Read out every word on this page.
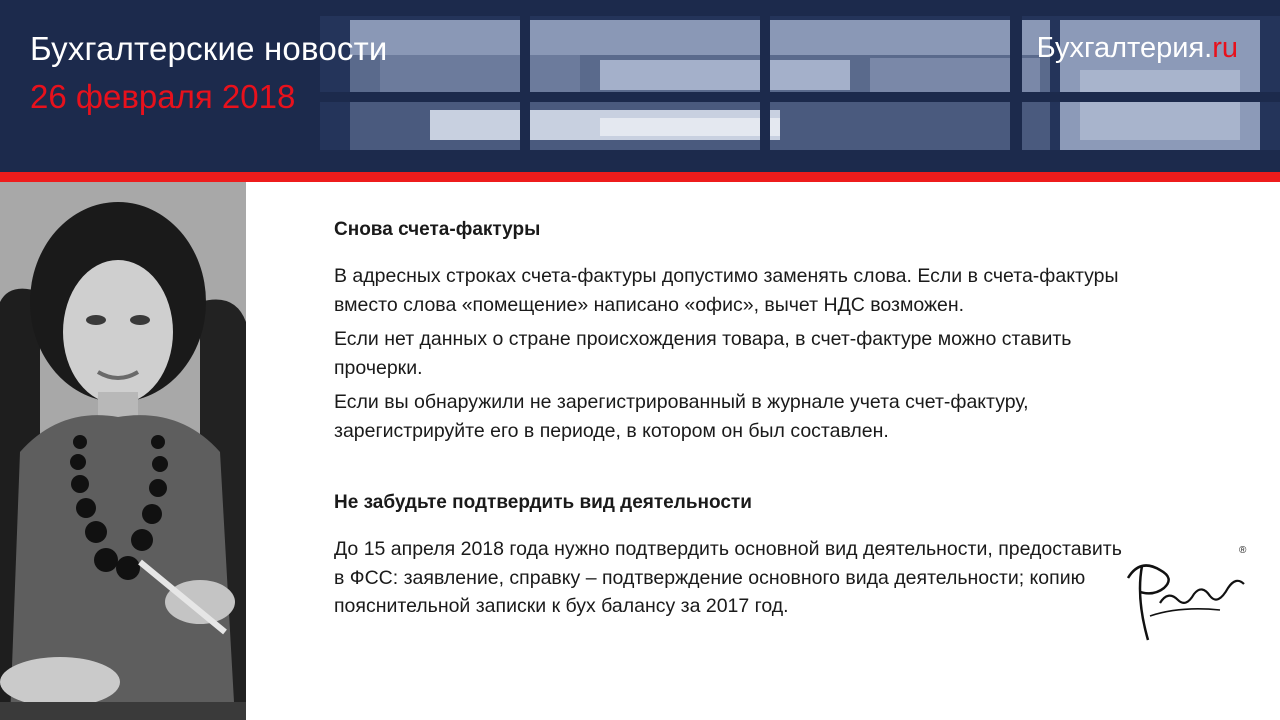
Бухгалтерские новости
26 февраля 2018
Бухгалтерия.ru
Снова счета-фактуры

В адресных строках счета-фактуры допустимо заменять слова. Если в счета-фактуры вместо слова «помещение» написано «офис», вычет НДС возможен.

Если нет данных о стране происхождения товара, в счет-фактуре можно ставить прочерки.

Если вы обнаружили не зарегистрированный в журнале учета счет-фактуру, зарегистрируйте его в периоде, в котором он был составлен.

Не забудьте подтвердить вид деятельности

До 15 апреля 2018 года нужно подтвердить основной вид деятельности, предоставить в ФСС: заявление, справку – подтверждение основного вида деятельности; копию пояснительной записки к бух балансу за 2017 год.

®
